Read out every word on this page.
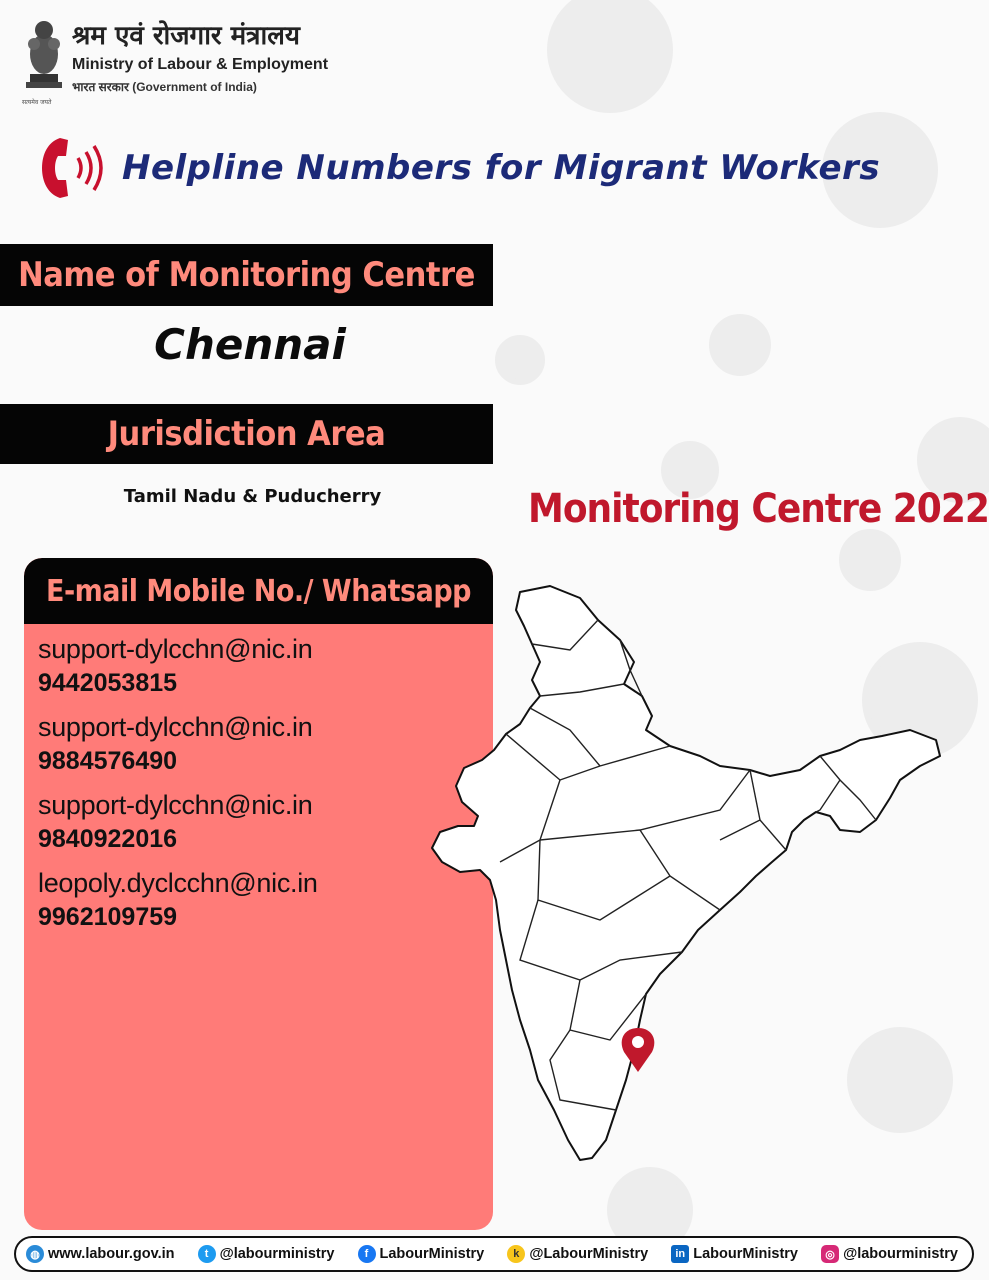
सत्यमेव जयते
श्रम एवं रोजगार मंत्रालय
Ministry of Labour & Employment
भारत सरकार (Government of India)
Helpline Numbers for Migrant Workers
Name of Monitoring Centre
Chennai
Jurisdiction Area
Tamil Nadu & Puducherry	Monitoring Centre 2022
E-mail Mobile No./ Whatsapp
support-dylcchn@nic.in
9442053815
support-dylcchn@nic.in
9884576490
support-dylcchn@nic.in
9840922016
leopoly.dyclcchn@nic.in
9962109759
◍ www.labour.gov.in	t @labourministry	f LabourMinistry	k @LabourMinistry	in LabourMinistry	◎ @labourministry
